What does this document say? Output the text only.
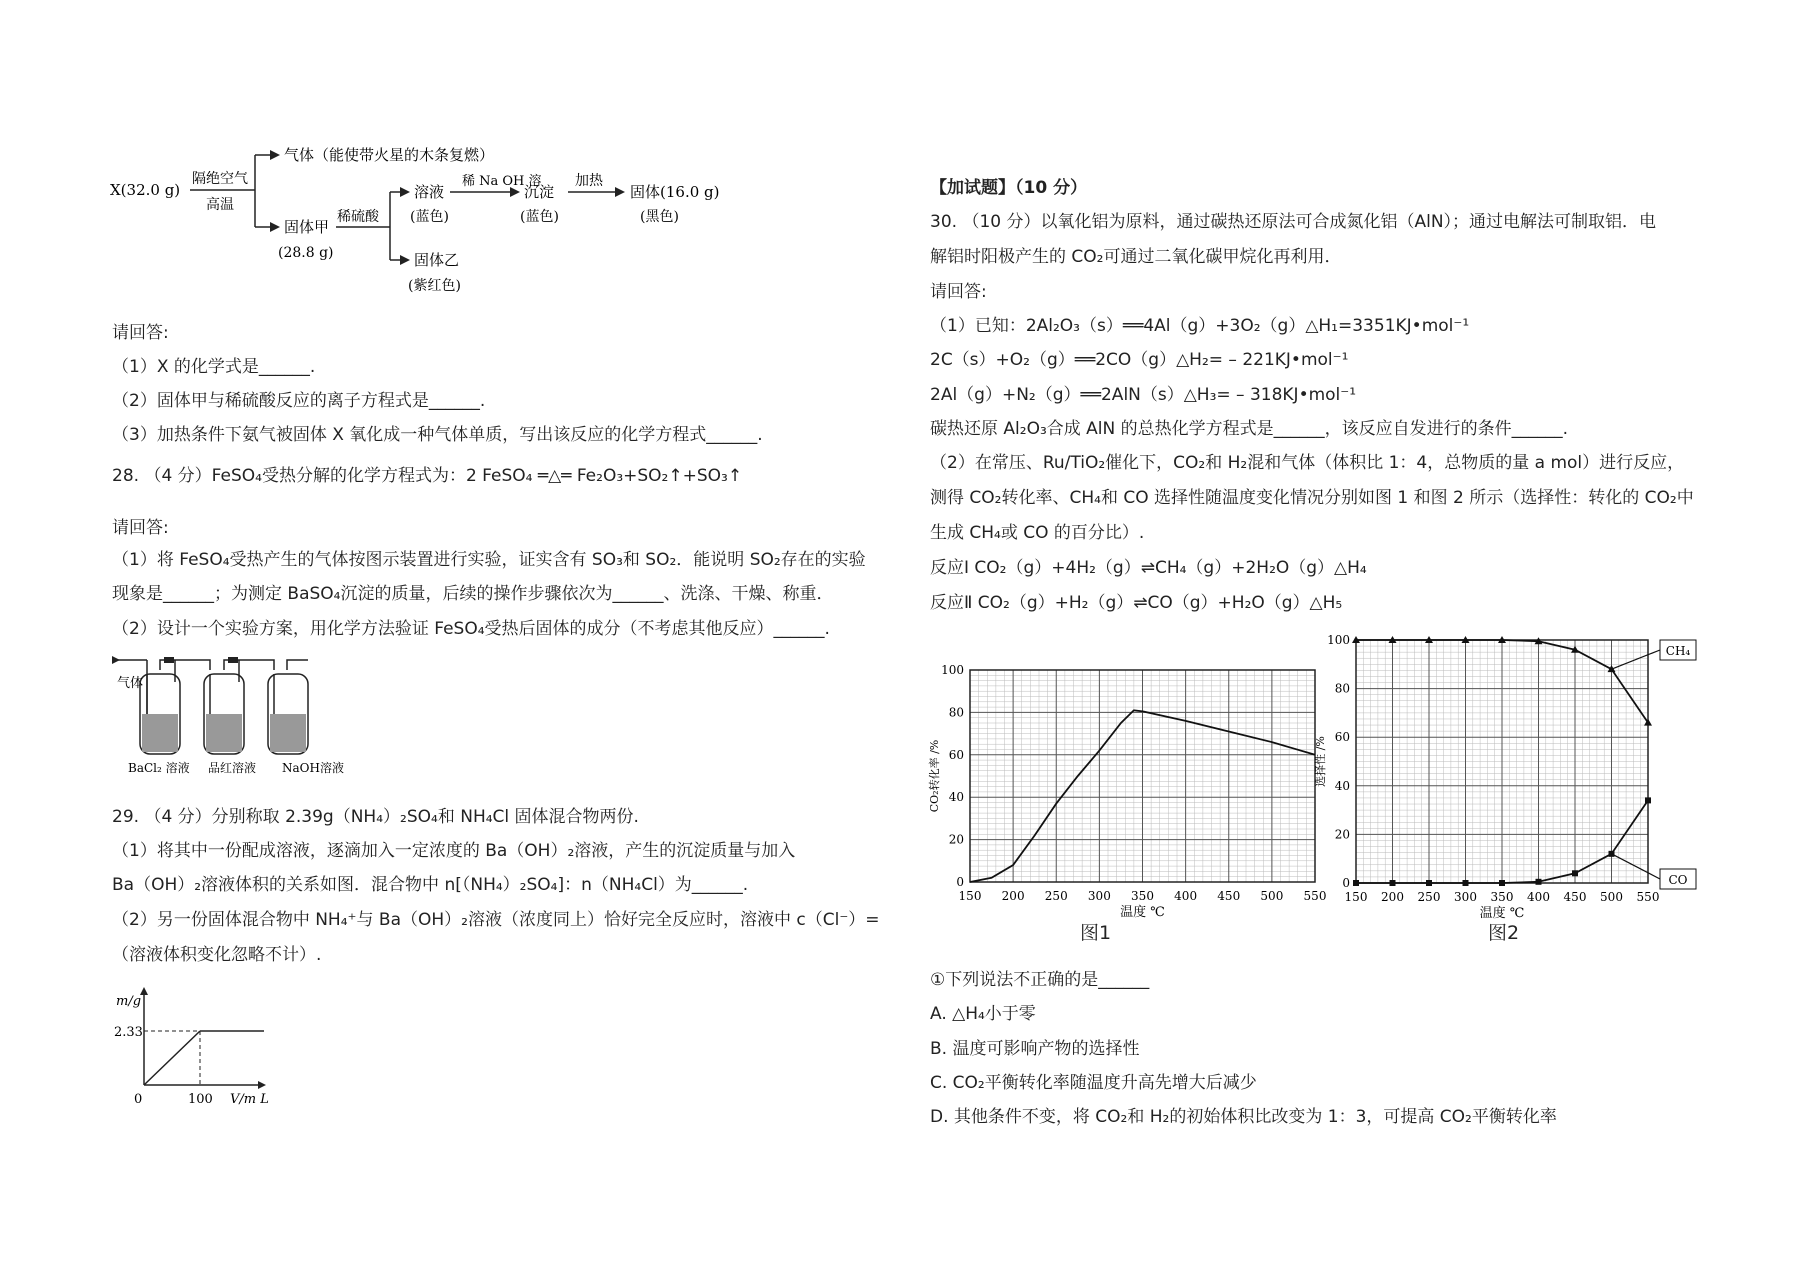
X(32.0 g)
隔绝空气
高温
气体（能使带火星的木条复燃）
固体甲
(28.8 g)
稀硫酸
溶液
(蓝色)
稀 Na OH 溶
沉淀
(蓝色)
加热
固体(16.0 g)
(黑色)
固体乙
(紫红色)
请回答:
（1）X 的化学式是______.
（2）固体甲与稀硫酸反应的离子方程式是______.
（3）加热条件下氨气被固体 X 氧化成一种气体单质，写出该反应的化学方程式______.
28. （4 分）FeSO₄受热分解的化学方程式为：2 FeSO₄ ═△═ Fe₂O₃+SO₂↑+SO₃↑
请回答:
（1）将 FeSO₄受热产生的气体按图示装置进行实验，证实含有 SO₃和 SO₂．能说明 SO₂存在的实验
现象是______；为测定 BaSO₄沉淀的质量，后续的操作步骤依次为______、洗涤、干燥、称重．
（2）设计一个实验方案，用化学方法验证 FeSO₄受热后固体的成分（不考虑其他反应）______.
气体
BaCl₂ 溶液 品红溶液 NaOH溶液
29. （4 分）分别称取 2.39g（NH₄）₂SO₄和 NH₄Cl 固体混合物两份.
（1）将其中一份配成溶液，逐滴加入一定浓度的 Ba（OH）₂溶液，产生的沉淀质量与加入
Ba（OH）₂溶液体积的关系如图．混合物中 n[（NH₄）₂SO₄]：n（NH₄Cl）为______.
（2）另一份固体混合物中 NH₄⁺与 Ba（OH）₂溶液（浓度同上）恰好完全反应时，溶液中 c（Cl⁻）=
（溶液体积变化忽略不计）.
m/g
2.33
0	100 V/m L
【加试题】（10 分）
30. （10 分）以氧化铝为原料，通过碳热还原法可合成氮化铝（AlN）；通过电解法可制取铝．电
解铝时阳极产生的 CO₂可通过二氧化碳甲烷化再利用．
请回答:
（1）已知：2Al₂O₃（s）══4Al（g）+3O₂（g）△H₁=3351KJ•mol⁻¹
2C（s）+O₂（g）══2CO（g）△H₂= – 221KJ•mol⁻¹
2Al（g）+N₂（g）══2AlN（s）△H₃= – 318KJ•mol⁻¹
碳热还原 Al₂O₃合成 AlN 的总热化学方程式是______，该反应自发进行的条件______.
（2）在常压、Ru/TiO₂催化下，CO₂和 H₂混和气体（体积比 1：4，总物质的量 a mol）进行反应，
测得 CO₂转化率、CH₄和 CO 选择性随温度变化情况分别如图 1 和图 2 所示（选择性：转化的 CO₂中
生成 CH₄或 CO 的百分比）.
反应Ⅰ CO₂（g）+4H₂（g）⇌CH₄（g）+2H₂O（g）△H₄
反应Ⅱ CO₂（g）+H₂（g）⇌CO（g）+H₂O（g）△H₅
150 200 250 300 350 400 450 500 550
0
20
40
60
80
100
温度 ℃
CO₂转化率 /%
图1
150 200 250 300 350 400 450 500 550
0
20
40
60
80
100
温度 ℃
选择性 /%
CH₄
CO
图2
①下列说法不正确的是______
A. △H₄小于零
B. 温度可影响产物的选择性
C. CO₂平衡转化率随温度升高先增大后减少
D. 其他条件不变，将 CO₂和 H₂的初始体积比改变为 1：3，可提高 CO₂平衡转化率
